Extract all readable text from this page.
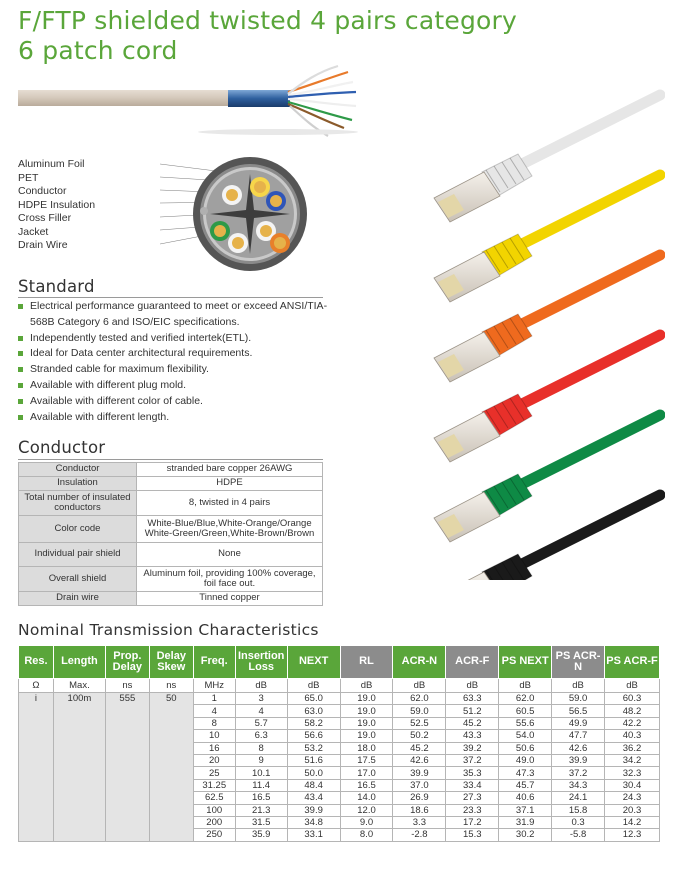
F/FTP shielded twisted 4 pairs category 6 patch cord
Aluminum Foil
PET
Conductor
HDPE Insulation
Cross Filler
Jacket
Drain Wire
Standard
Electrical performance guaranteed to meet or exceed ANSI/TIA-568B Category 6 and ISO/EIC specifications.
Independently tested and verified intertek(ETL).
Ideal for Data center architectural requirements.
Stranded cable for maximum flexibility.
Available with different plug mold.
Available with different color of cable.
Available with different length.
Conductor
Conductor	stranded bare copper 26AWG
Insulation	HDPE
Total number of insulated conductors	8, twisted in 4 pairs
Color code	White-Blue/Blue,White-Orange/Orange White-Green/Green,White-Brown/Brown
Individual pair shield	None
Overall shield	Aluminum foil, providing 100% coverage, foil face out.
Drain wire	Tinned copper
Nominal Transmission Characteristics
Res.	Length	Prop. Delay	Delay Skew	Freq.	Insertion Loss	NEXT	RL	ACR-N	ACR-F	PS NEXT	PS ACR-N	PS ACR-F
Ω	Max.	ns	ns	MHz	dB	dB	dB	dB	dB	dB	dB	dB
i	100m	555	50	1	3	65.0	19.0	62.0	63.3	62.0	59.0	60.3
				4	4	63.0	19.0	59.0	51.2	60.5	56.5	48.2
				8	5.7	58.2	19.0	52.5	45.2	55.6	49.9	42.2
				10	6.3	56.6	19.0	50.2	43.3	54.0	47.7	40.3
				16	8	53.2	18.0	45.2	39.2	50.6	42.6	36.2
				20	9	51.6	17.5	42.6	37.2	49.0	39.9	34.2
				25	10.1	50.0	17.0	39.9	35.3	47.3	37.2	32.3
				31.25	11.4	48.4	16.5	37.0	33.4	45.7	34.3	30.4
				62.5	16.5	43.4	14.0	26.9	27.3	40.6	24.1	24.3
				100	21.3	39.9	12.0	18.6	23.3	37.1	15.8	20.3
				200	31.5	34.8	9.0	3.3	17.2	31.9	0.3	14.2
				250	35.9	33.1	8.0	-2.8	15.3	30.2	-5.8	12.3
